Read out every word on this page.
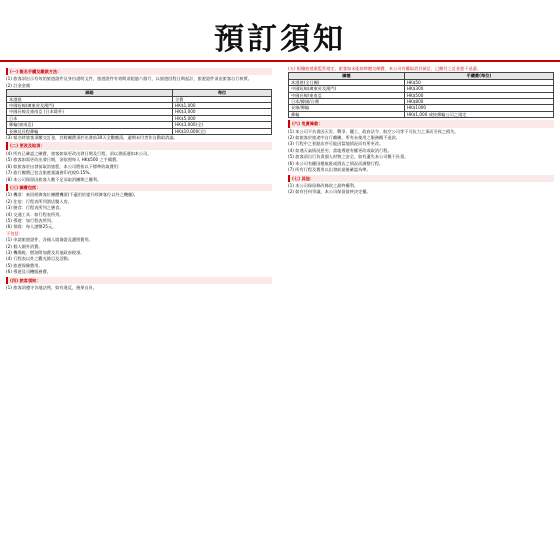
預訂須知
(一) 報名手續及繳款方法：
(1) 旅客須出示有效的旅遊證件及身份證明文件，旅遊證件有效期須超過六個月，以旅遊回程日期起計，旅遊證件須由旅客自行核實。
(2) 訂金金額：
線路	每位
本港遊	全費
中國短線(廣東省及澳門)	HK$1,000
中國長線及東南亞 (日本除外)	HK$3,000
日本	HK$5,000
郵輪(東南亞)	HK$3,000(全)
長線及長程郵輪	HK$10,000(全)
(3) 報名時旅客須繳交訂金，其餘團費須於出發前30天全數繳清，逾期未付者作自動取消論。
(二) 更改及取消：
(4) 所有已確認之團費，旅客如欲更改出發日期及行程，須以書面通知本公司。
(5) 旅客如需更改出發日期，須依照每人 HK$500 之手續費。
(6) 如旅客於出發前取消旅程，本公司將按以下標準收取費用：
(7) 旅行團費已包含旅遊業議會印花稅0.15%。
(8) 本公司保留因旅客人數不足而取消團期之權利。
(三) 團費包括：
(1) 機票：來回經濟客位團體機票(不適用於提升經濟客位以外之機艙)。
(2) 住宿：行程表所列酒店雙人房。
(3) 膳食：行程表所列之膳食。
(4) 交通工具：如行程表所列。
(5) 導遊：如行程表所列。
(6) 領隊：每人港幣25元。
不包括：
(1) 申請旅遊證件、各國入境簽證及護照費用。
(2) 個人額外消費。
(3) 機場稅、燃油附加費及其他政府稅項。
(4) 行程表以外之觀光節目及活動。
(5) 旅遊保險費用。
(6) 導遊及司機服務費。
(四) 旅客須知：
(1) 旅客須遵守各地法例，如有違反，後果自負。
(五) 根據旅遊業監管規定，旅客如未能按時繳交團費，本公司有權取消其預訂，已繳付之訂金恕不退還。
團種	手續費(每位)
本港遊(全日團)	HK$50
中國短線(廣東省及澳門)	HK$300
中國長線/東南亞	HK$500
日本/韓國/台灣	HK$800
長線/郵輪	HK$1000
郵輪	HK$1,000 或按郵輪公司之規定
(六) 免責條款：
(1) 本公司不負責因天災、戰爭、罷工、政府法令、航空公司等不可抗力之事而引致之損失。
(2) 如旅客於旅途中自行離團，所有未使用之服務概不退款。
(3) 行程中之景點次序可能因當地情況而有所更改。
(4) 如遇天氣情況惡劣，當地導遊有權更改或取消行程。
(5) 旅客須自行負責個人財物之安全，如有遺失本公司概不負責。
(6) 本公司有權因應航班或酒店之情況而調整行程。
(7) 所有行程及費用以出發前最後確認為準。
(七) 其他：
(1) 本公司保留修改條款之最終權利。
(2) 如有任何爭議，本公司保留最終決定權。
